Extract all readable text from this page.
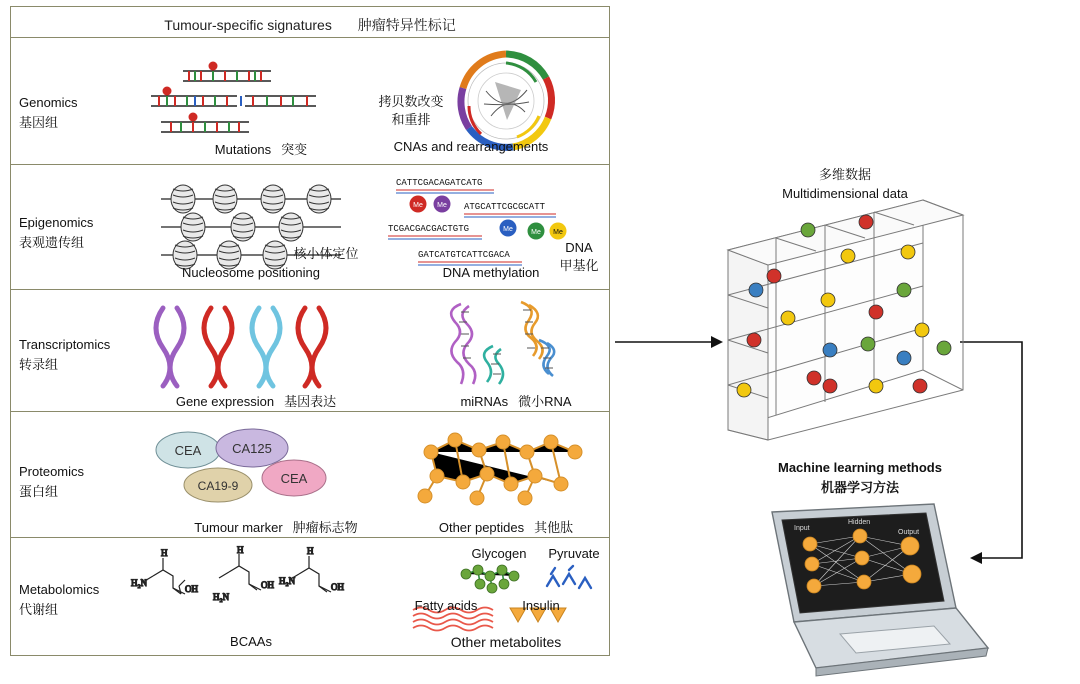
Tumour-specific signatures 肿瘤特异性标记
Genomics
基因组
Mutations 突变	CNAs and rearrangements
拷贝数改变
和重排
Epigenomics
表观遗传组
CATTCGACAGATCATG
ATGCATTCGCGCATT
TCGACGACGACTGTG
GATCATGTCATTCGACA
Me Me
Me	Me Me
Nucleosome positioning
核小体定位
DNA methylation
DNA
甲基化
Transcriptomics
转录组
Gene expression 基因表达	miRNAs 微小RNA
Proteomics
蛋白组
CEA CA125
CA19-9	CEA
Tumour marker 肿瘤标志物	Other peptides 其他肽
Metabolomics
代谢组
H
H₂N
OH
H
H₂N
OH
H
H₂N
OH
Glycogen	Pyruvate
Fatty acids	Insulin
BCAAs	Other metabolites
多维数据
Multidimensional data
Machine learning methods
机器学习方法
Input
Hidden
Output
